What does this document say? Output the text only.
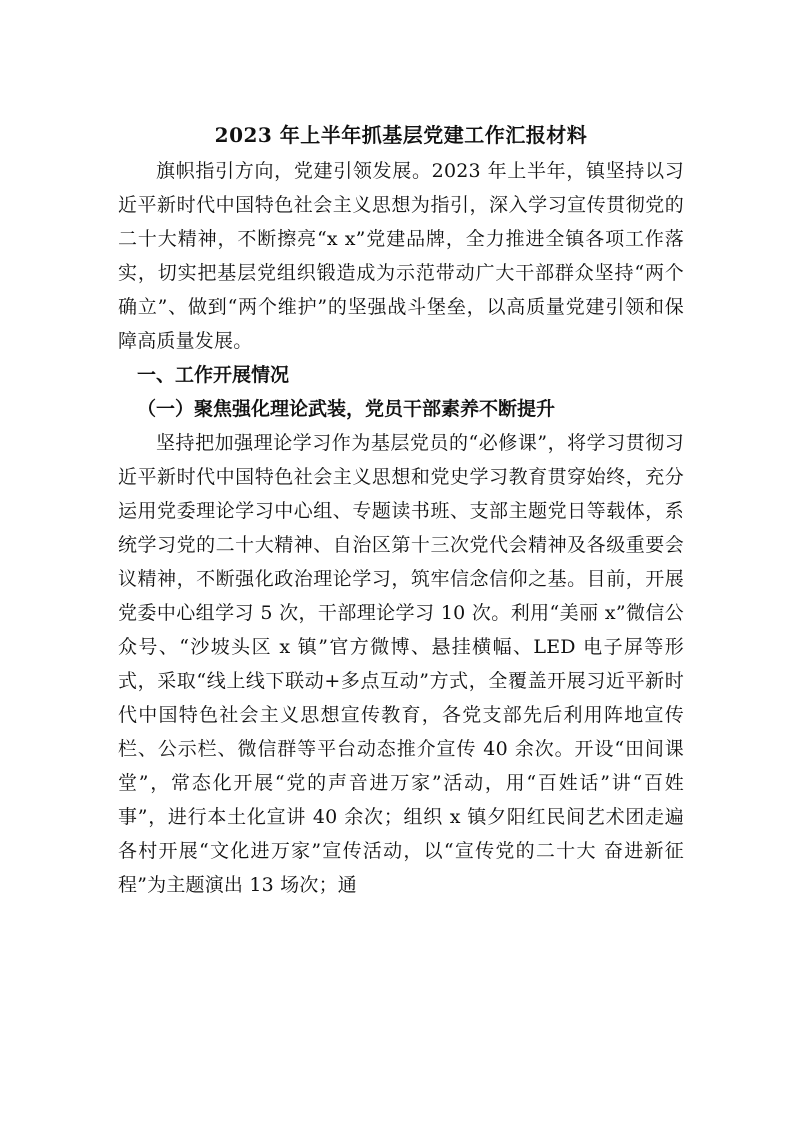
2023 年上半年抓基层党建工作汇报材料

旗帜指引方向，党建引领发展。2023 年上半年，镇坚持以习近平新时代中国特色社会主义思想为指引，深入学习宣传贯彻党的二十大精神，不断擦亮“x x”党建品牌，全力推进全镇各项工作落实，切实把基层党组织锻造成为示范带动广大干部群众坚持“两个确立”、做到“两个维护”的坚强战斗堡垒，以高质量党建引领和保障高质量发展。

一、工作开展情况

（一）聚焦强化理论武装，党员干部素养不断提升

坚持把加强理论学习作为基层党员的“必修课”，将学习贯彻习近平新时代中国特色社会主义思想和党史学习教育贯穿始终，充分运用党委理论学习中心组、专题读书班、支部主题党日等载体，系统学习党的二十大精神、自治区第十三次党代会精神及各级重要会议精神，不断强化政治理论学习，筑牢信念信仰之基。目前，开展党委中心组学习 5 次，干部理论学习 10 次。利用“美丽 x”微信公众号、“沙坡头区 x 镇”官方微博、悬挂横幅、LED 电子屏等形式，采取“线上线下联动+多点互动”方式，全覆盖开展习近平新时代中国特色社会主义思想宣传教育，各党支部先后利用阵地宣传栏、公示栏、微信群等平台动态推介宣传 40 余次。开设“田间课堂”，常态化开展“党的声音进万家”活动，用“百姓话”讲“百姓事”，进行本土化宣讲 40 余次；组织 x 镇夕阳红民间艺术团走遍各村开展“文化进万家”宣传活动，以“宣传党的二十大 奋进新征程”为主题演出 13 场次；通
